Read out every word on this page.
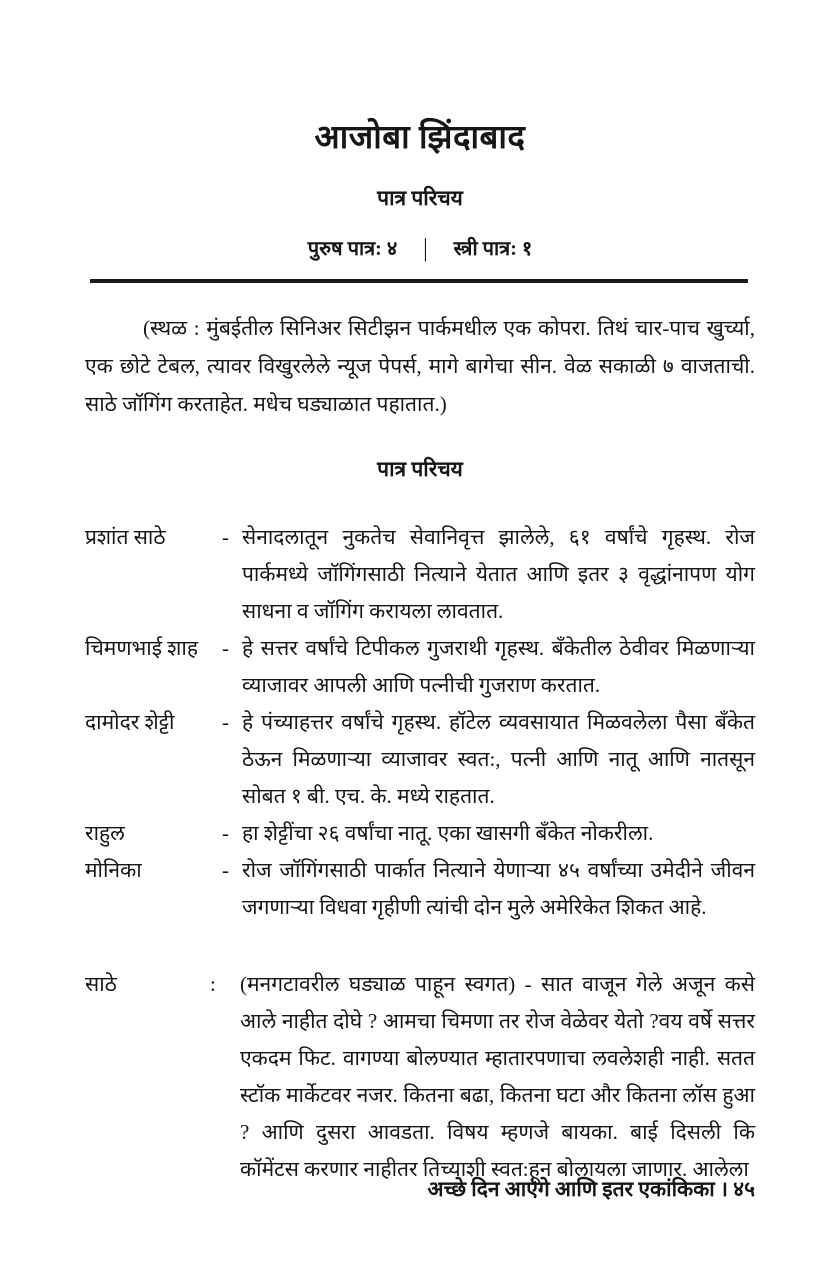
आजोबा झिंदाबाद
पात्र परिचय
पुरुष पात्र: ४ | स्त्री पात्र: १

(स्थळ : मुंबईतील सिनिअर सिटीझन पार्कमधील एक कोपरा. तिथं चार-पाच खुर्च्या, एक छोटे टेबल, त्यावर विखुरलेले न्यूज पेपर्स, मागे बागेचा सीन. वेळ सकाळी ७ वाजताची. साठे जॉगिंग करताहेत. मधेच घड्याळात पहातात.)

पात्र परिचय
प्रशांत साठे	- सेनादलातून नुकतेच सेवानिवृत्त झालेले, ६१ वर्षांचे गृहस्थ. रोज पार्कमध्ये जॉगिंगसाठी नित्याने येतात आणि इतर ३ वृद्धांनापण योग साधना व जॉगिंग करायला लावतात.
चिमणभाई शाह	- हे सत्तर वर्षांचे टिपीकल गुजराथी गृहस्थ. बँकेतील ठेवीवर मिळणाऱ्या व्याजावर आपली आणि पत्नीची गुजराण करतात.
दामोदर शेट्टी	- हे पंच्याहत्तर वर्षांचे गृहस्थ. हॉटेल व्यवसायात मिळवलेला पैसा बँकेत ठेऊन मिळणाऱ्या व्याजावर स्वत:, पत्नी आणि नातू आणि नातसून सोबत १ बी. एच. के. मध्ये राहतात.
राहुल	- हा शेट्टींचा २६ वर्षांचा नातू. एका खासगी बँकेत नोकरीला.
मोनिका	- रोज जॉगिंगसाठी पार्कात नित्याने येणाऱ्या ४५ वर्षांच्या उमेदीने जीवन जगणाऱ्या विधवा गृहीणी त्यांची दोन मुले अमेरिकेत शिकत आहे.
साठे	:	(मनगटावरील घड्याळ पाहून स्वगत) - सात वाजून गेले अजून कसे आले नाहीत दोघे ? आमचा चिमणा तर रोज वेळेवर येतो ?वय वर्षे सत्तर एकदम फिट. वागण्या बोलण्यात म्हातारपणाचा लवलेशही नाही. सतत स्टॉक मार्केटवर नजर. कितना बढा, कितना घटा और कितना लॉस हुआ ? आणि दुसरा आवडता. विषय म्हणजे बायका. बाई दिसली कि कॉमेंटस करणार नाहीतर तिच्याशी स्वत:हून बोलायला जाणार. आलेला
अच्छे दिन आएंगे आणि इतर एकांकिका । ४५
